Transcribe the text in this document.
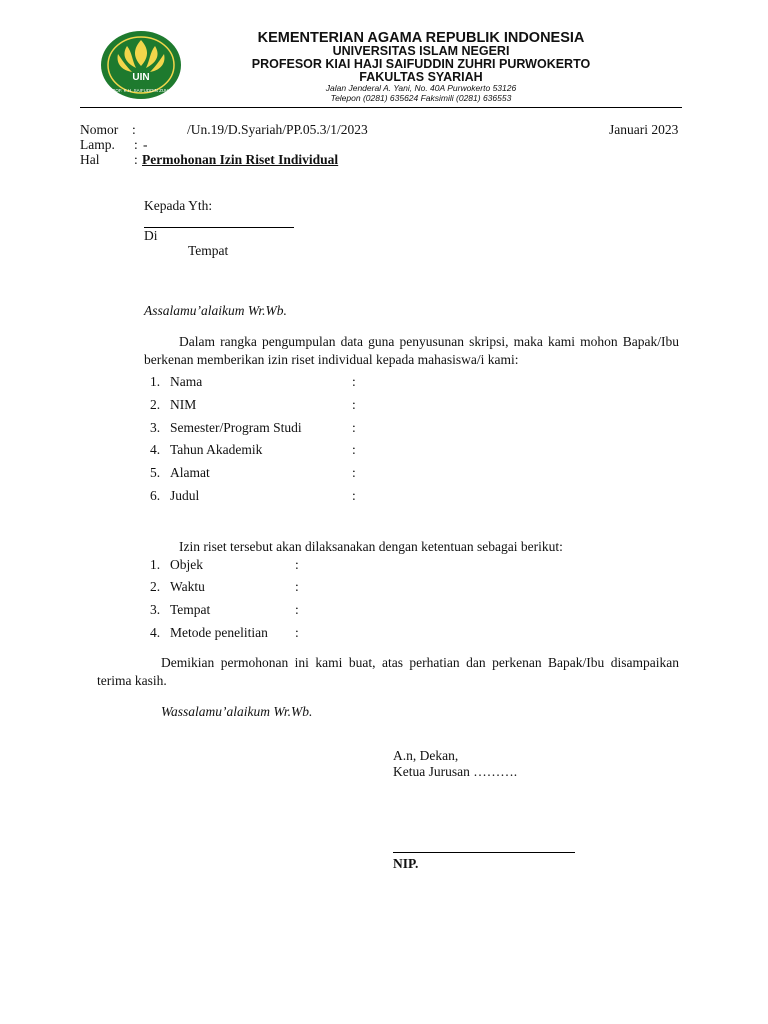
UIN
PROF. K.H. SAIFUDDIN ZUHRI
KEMENTERIAN AGAMA REPUBLIK INDONESIA
UNIVERSITAS ISLAM NEGERI
PROFESOR KIAI HAJI SAIFUDDIN ZUHRI PURWOKERTO
FAKULTAS SYARIAH
Jalan Jenderal A. Yani, No. 40A Purwokerto 53126
Telepon (0281) 635624 Faksimili (0281) 636553
Nomor :	/Un.19/D.Syariah/PP.05.3/1/2023	Januari 2023
Lamp. : -
Hal	: Permohonan Izin Riset Individual
Kepada Yth:
Di
Tempat
Assalamu’alaikum Wr.Wb.
Dalam rangka pengumpulan data guna penyusunan skripsi, maka kami mohon Bapak/Ibu berkenan memberikan izin riset individual kepada mahasiswa/i kami:
1. Nama	:
2. NIM	:
3. Semester/Program Studi	:
4. Tahun Akademik	:
5. Alamat	:
6. Judul	:
Izin riset tersebut akan dilaksanakan dengan ketentuan sebagai berikut:
1. Objek	:
2. Waktu	:
3. Tempat	:
4. Metode penelitian :
Demikian permohonan ini kami buat, atas perhatian dan perkenan Bapak/Ibu disampaikan terima kasih.
Wassalamu’alaikum Wr.Wb.
A.n, Dekan,
Ketua Jurusan ……….
NIP.
